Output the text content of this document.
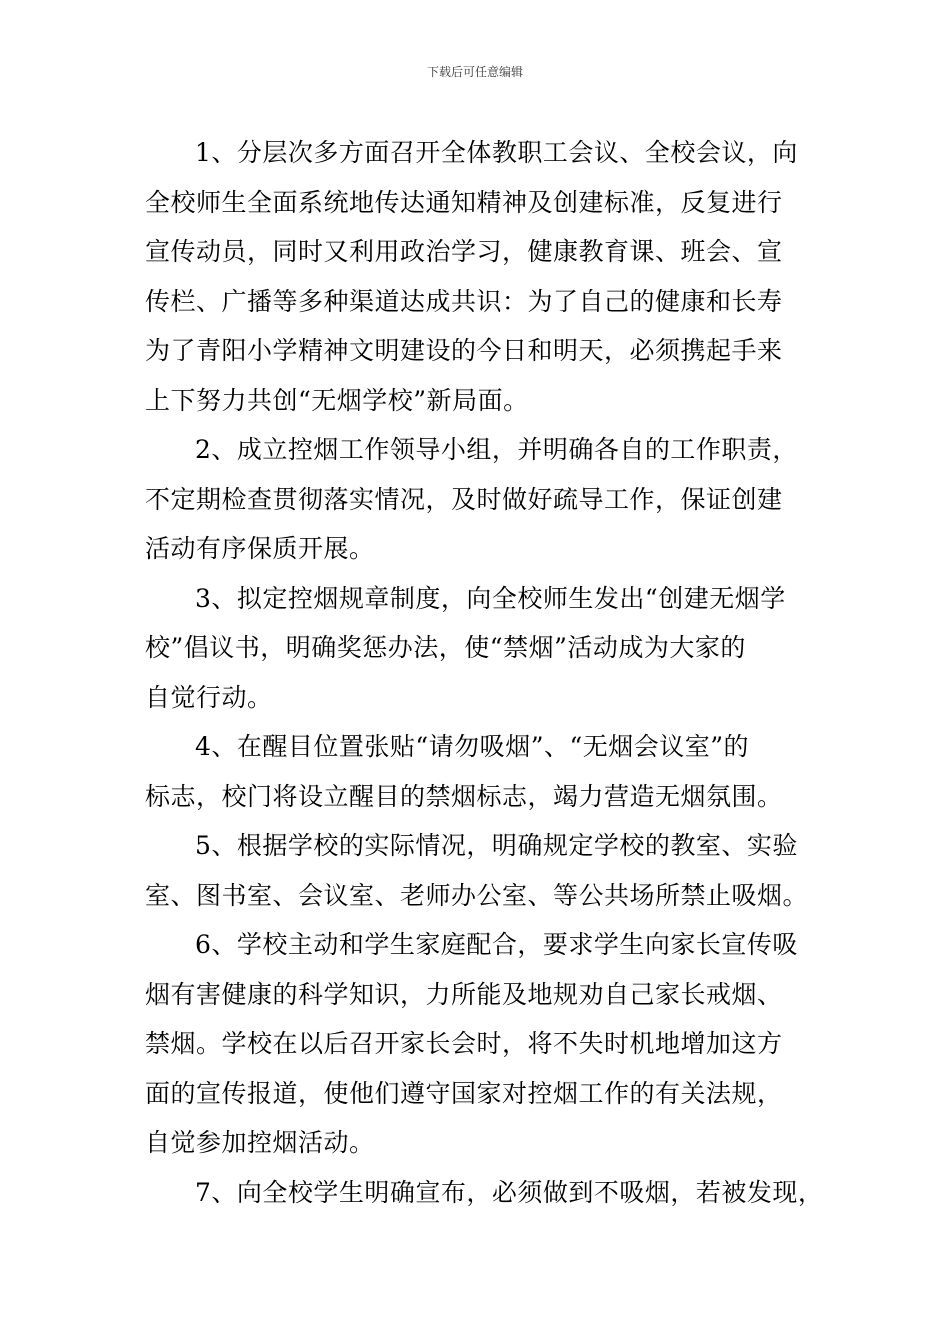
下载后可任意编辑
1、分层次多方面召开全体教职工会议、全校会议，向
全校师生全面系统地传达通知精神及创建标准，反复进行
宣传动员，同时又利用政治学习，健康教育课、班会、宣
传栏、广播等多种渠道达成共识：为了自己的健康和长寿
为了青阳小学精神文明建设的今日和明天，必须携起手来
上下努力共创“无烟学校”新局面。
2、成立控烟工作领导小组，并明确各自的工作职责，
不定期检查贯彻落实情况，及时做好疏导工作，保证创建
活动有序保质开展。
3、拟定控烟规章制度，向全校师生发出“创建无烟学
校”倡议书，明确奖惩办法，使“禁烟”活动成为大家的
自觉行动。
4、在醒目位置张贴“请勿吸烟”、“无烟会议室”的
标志，校门将设立醒目的禁烟标志，竭力营造无烟氛围。
5、根据学校的实际情况，明确规定学校的教室、实验
室、图书室、会议室、老师办公室、等公共场所禁止吸烟。
6、学校主动和学生家庭配合，要求学生向家长宣传吸
烟有害健康的科学知识，力所能及地规劝自己家长戒烟、
禁烟。学校在以后召开家长会时，将不失时机地增加这方
面的宣传报道，使他们遵守国家对控烟工作的有关法规，
自觉参加控烟活动。
7、向全校学生明确宣布，必须做到不吸烟，若被发现，
